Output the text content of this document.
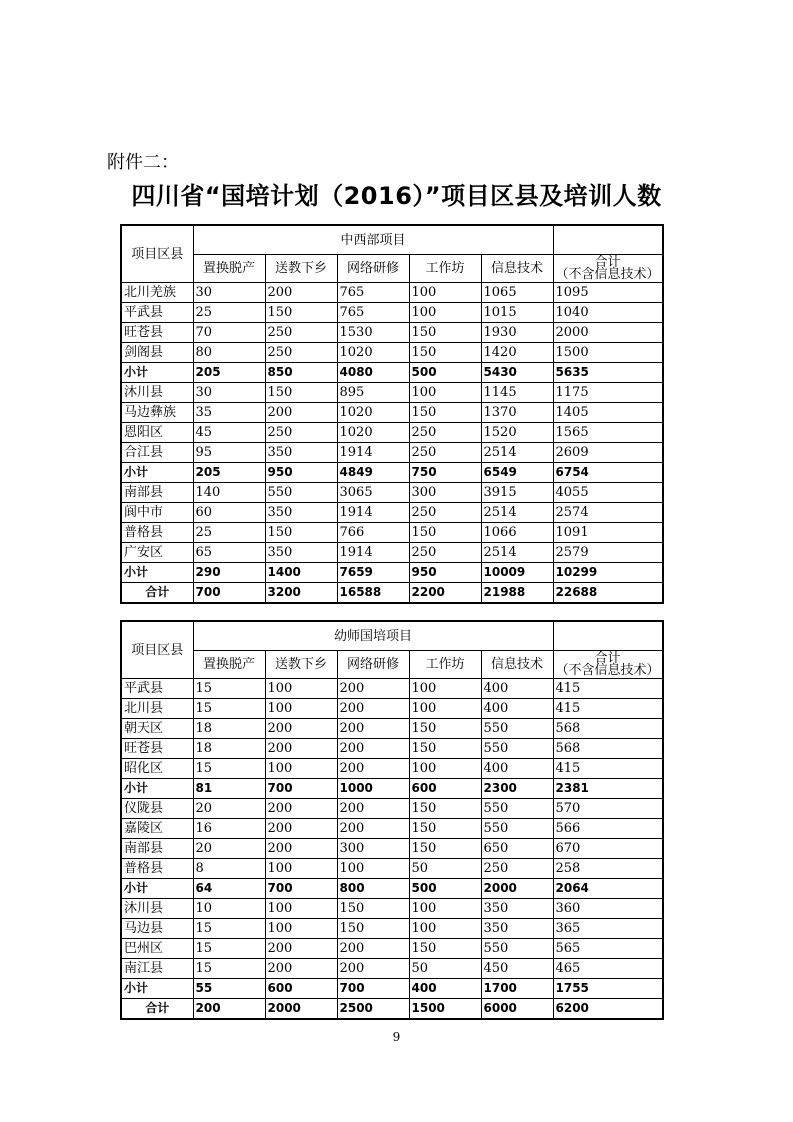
附件二：
四川省“国培计划（2016）”项目区县及培训人数
项目区县	中西部项目					
	置换脱产	送教下乡	网络研修	工作坊	信息技术	合计
（不含信息技术）

北川羌族	30	200	765	100	1065	1095
平武县	25	150	765	100	1015	1040
旺苍县	70	250	1530	150	1930	2000
剑阁县	80	250	1020	150	1420	1500
小计	205	850	4080	500	5430	5635
沐川县	30	150	895	100	1145	1175
马边彝族	35	200	1020	150	1370	1405
恩阳区	45	250	1020	250	1520	1565
合江县	95	350	1914	250	2514	2609
小计	205	950	4849	750	6549	6754
南部县	140	550	3065	300	3915	4055
阆中市	60	350	1914	250	2514	2574
普格县	25	150	766	150	1066	1091
广安区	65	350	1914	250	2514	2579
小计	290	1400	7659	950	10009	10299
合计	700	3200	16588	2200	21988	22688
项目区县	幼师国培项目					
	置换脱产	送教下乡	网络研修	工作坊	信息技术	合计
（不含信息技术）

平武县	15	100	200	100	400	415
北川县	15	100	200	100	400	415
朝天区	18	200	200	150	550	568
旺苍县	18	200	200	150	550	568
昭化区	15	100	200	100	400	415
小计	81	700	1000	600	2300	2381
仪陇县	20	200	200	150	550	570
嘉陵区	16	200	200	150	550	566
南部县	20	200	300	150	650	670
普格县	8	100	100	50	250	258
小计	64	700	800	500	2000	2064
沐川县	10	100	150	100	350	360
马边县	15	100	150	100	350	365
巴州区	15	200	200	150	550	565
南江县	15	200	200	50	450	465
小计	55	600	700	400	1700	1755
合计	200	2000	2500	1500	6000	6200
9
